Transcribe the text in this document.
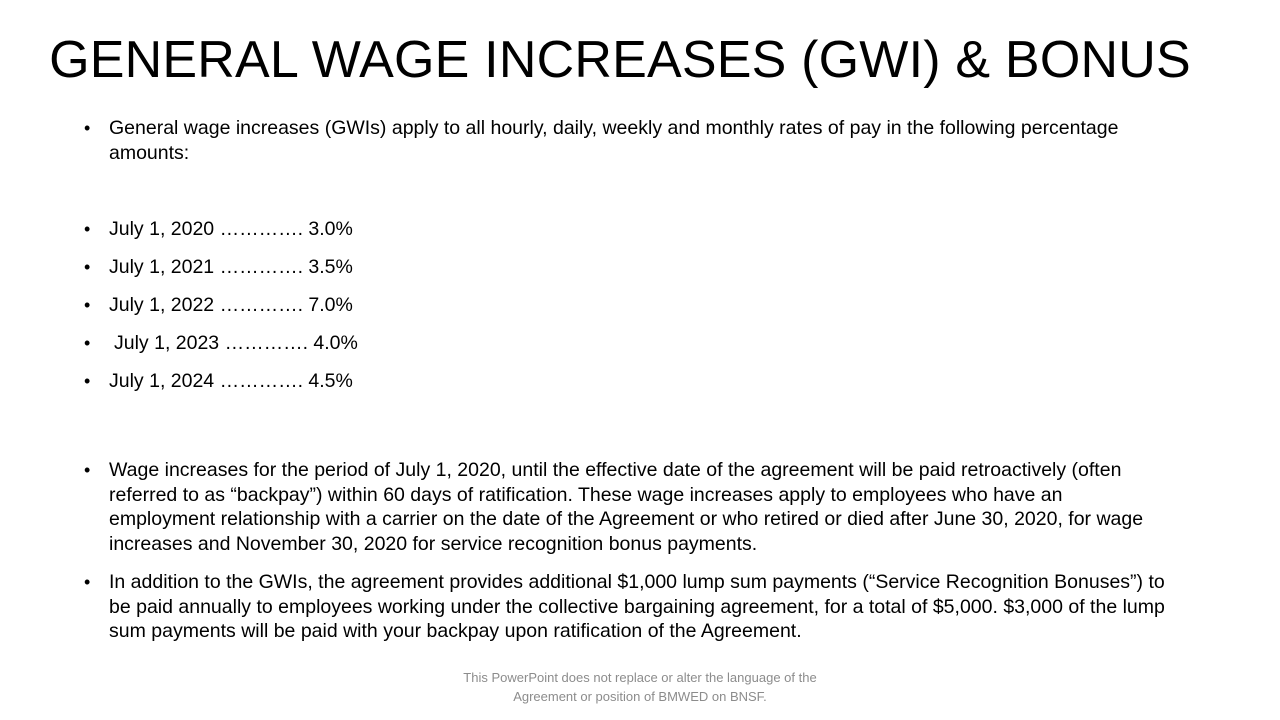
GENERAL WAGE INCREASES (GWI) & BONUS
• General wage increases (GWIs) apply to all hourly, daily, weekly and monthly rates of pay in the following percentage amounts:
• July 1, 2020 …………. 3.0%
• July 1, 2021 …………. 3.5%
• July 1, 2022 …………. 7.0%
• July 1, 2023 …………. 4.0%
• July 1, 2024 …………. 4.5%
• Wage increases for the period of July 1, 2020, until the effective date of the agreement will be paid retroactively (often referred to as “backpay”) within 60 days of ratification. These wage increases apply to employees who have an employment relationship with a carrier on the date of the Agreement or who retired or died after June 30, 2020, for wage increases and November 30, 2020 for service recognition bonus payments.
• In addition to the GWIs, the agreement provides additional $1,000 lump sum payments (“Service Recognition Bonuses”) to be paid annually to employees working under the collective bargaining agreement, for a total of $5,000. $3,000 of the lump sum payments will be paid with your backpay upon ratification of the Agreement.
This PowerPoint does not replace or alter the language of the
Agreement or position of BMWED on BNSF.
